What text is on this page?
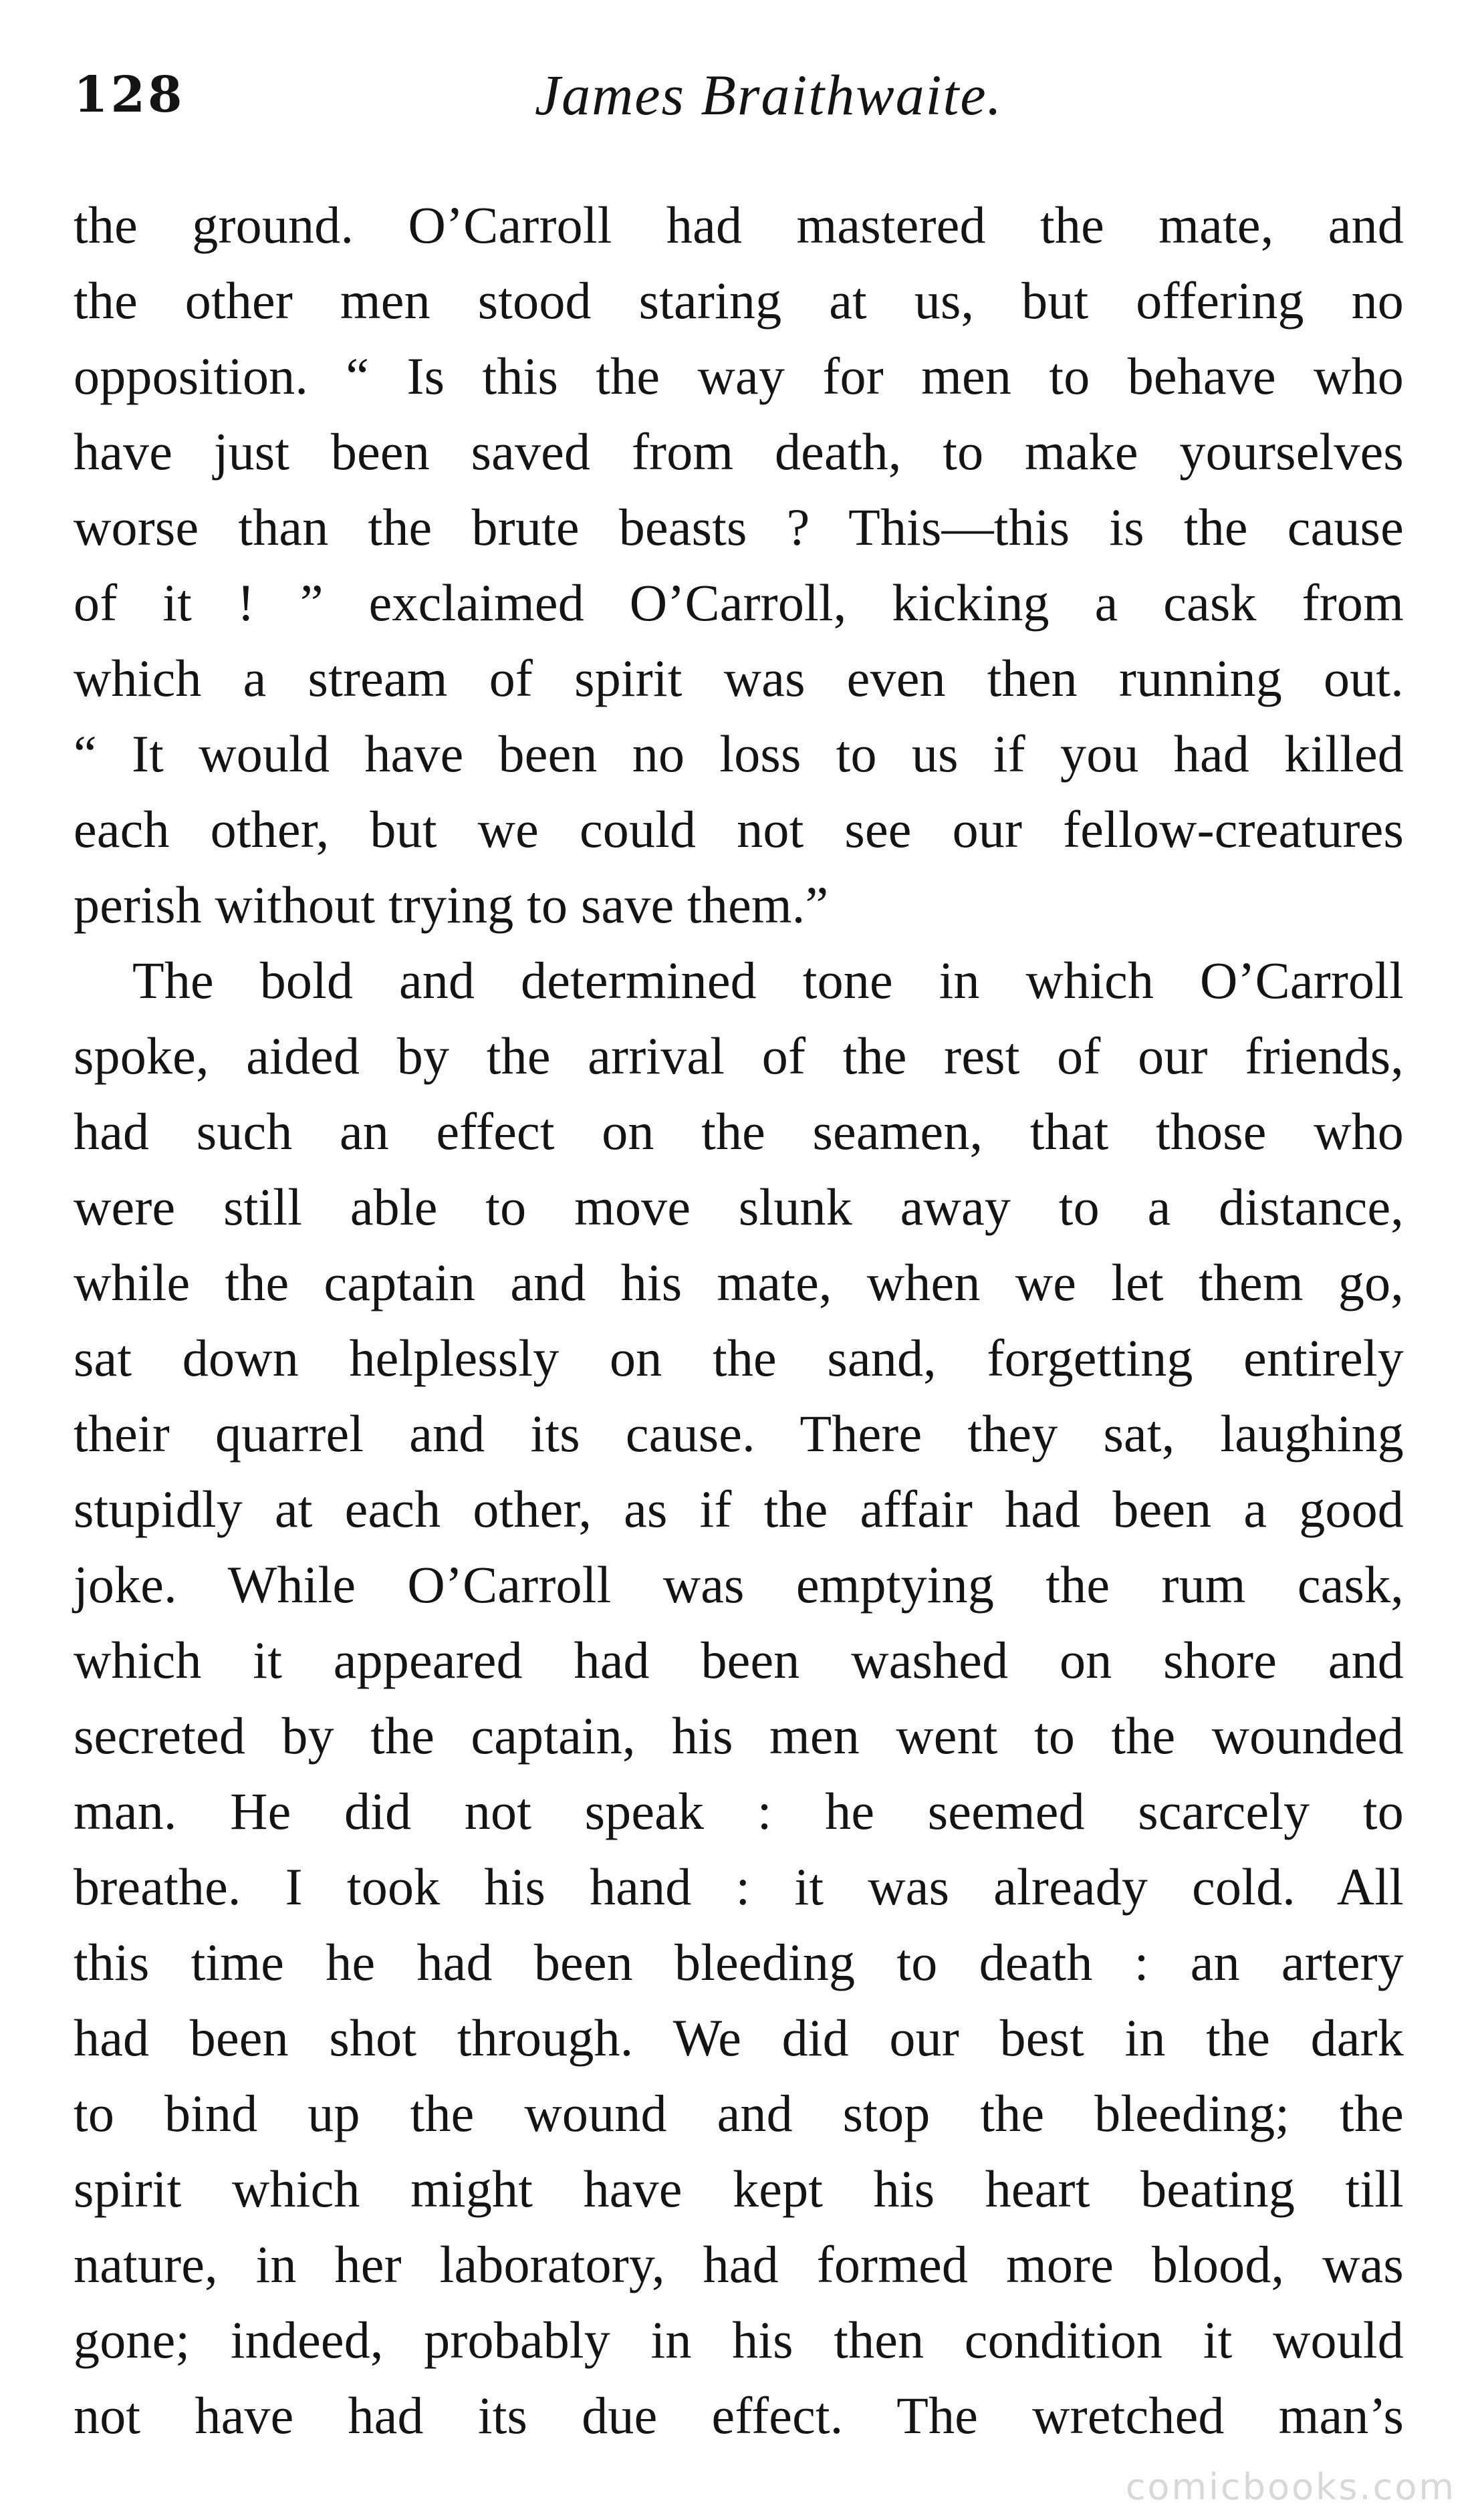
128	James Braithwaite.
the ground. O’Carroll had mastered the mate, and
the other men stood staring at us, but offering no
opposition. “ Is this the way for men to behave who
have just been saved from death, to make yourselves
worse than the brute beasts ? This—this is the cause
of it ! ” exclaimed O’Carroll, kicking a cask from
which a stream of spirit was even then running out.
“ It would have been no loss to us if you had killed
each other, but we could not see our fellow-creatures
perish without trying to save them.”
The bold and determined tone in which O’Carroll
spoke, aided by the arrival of the rest of our friends,
had such an effect on the seamen, that those who
were still able to move slunk away to a distance,
while the captain and his mate, when we let them go,
sat down helplessly on the sand, forgetting entirely
their quarrel and its cause. There they sat, laughing
stupidly at each other, as if the affair had been a good
joke. While O’Carroll was emptying the rum cask,
which it appeared had been washed on shore and
secreted by the captain, his men went to the wounded
man. He did not speak : he seemed scarcely to
breathe. I took his hand : it was already cold. All
this time he had been bleeding to death : an artery
had been shot through. We did our best in the dark
to bind up the wound and stop the bleeding; the
spirit which might have kept his heart beating till
nature, in her laboratory, had formed more blood, was
gone; indeed, probably in his then condition it would
not have had its due effect. The wretched man’s
comicbooks.com
